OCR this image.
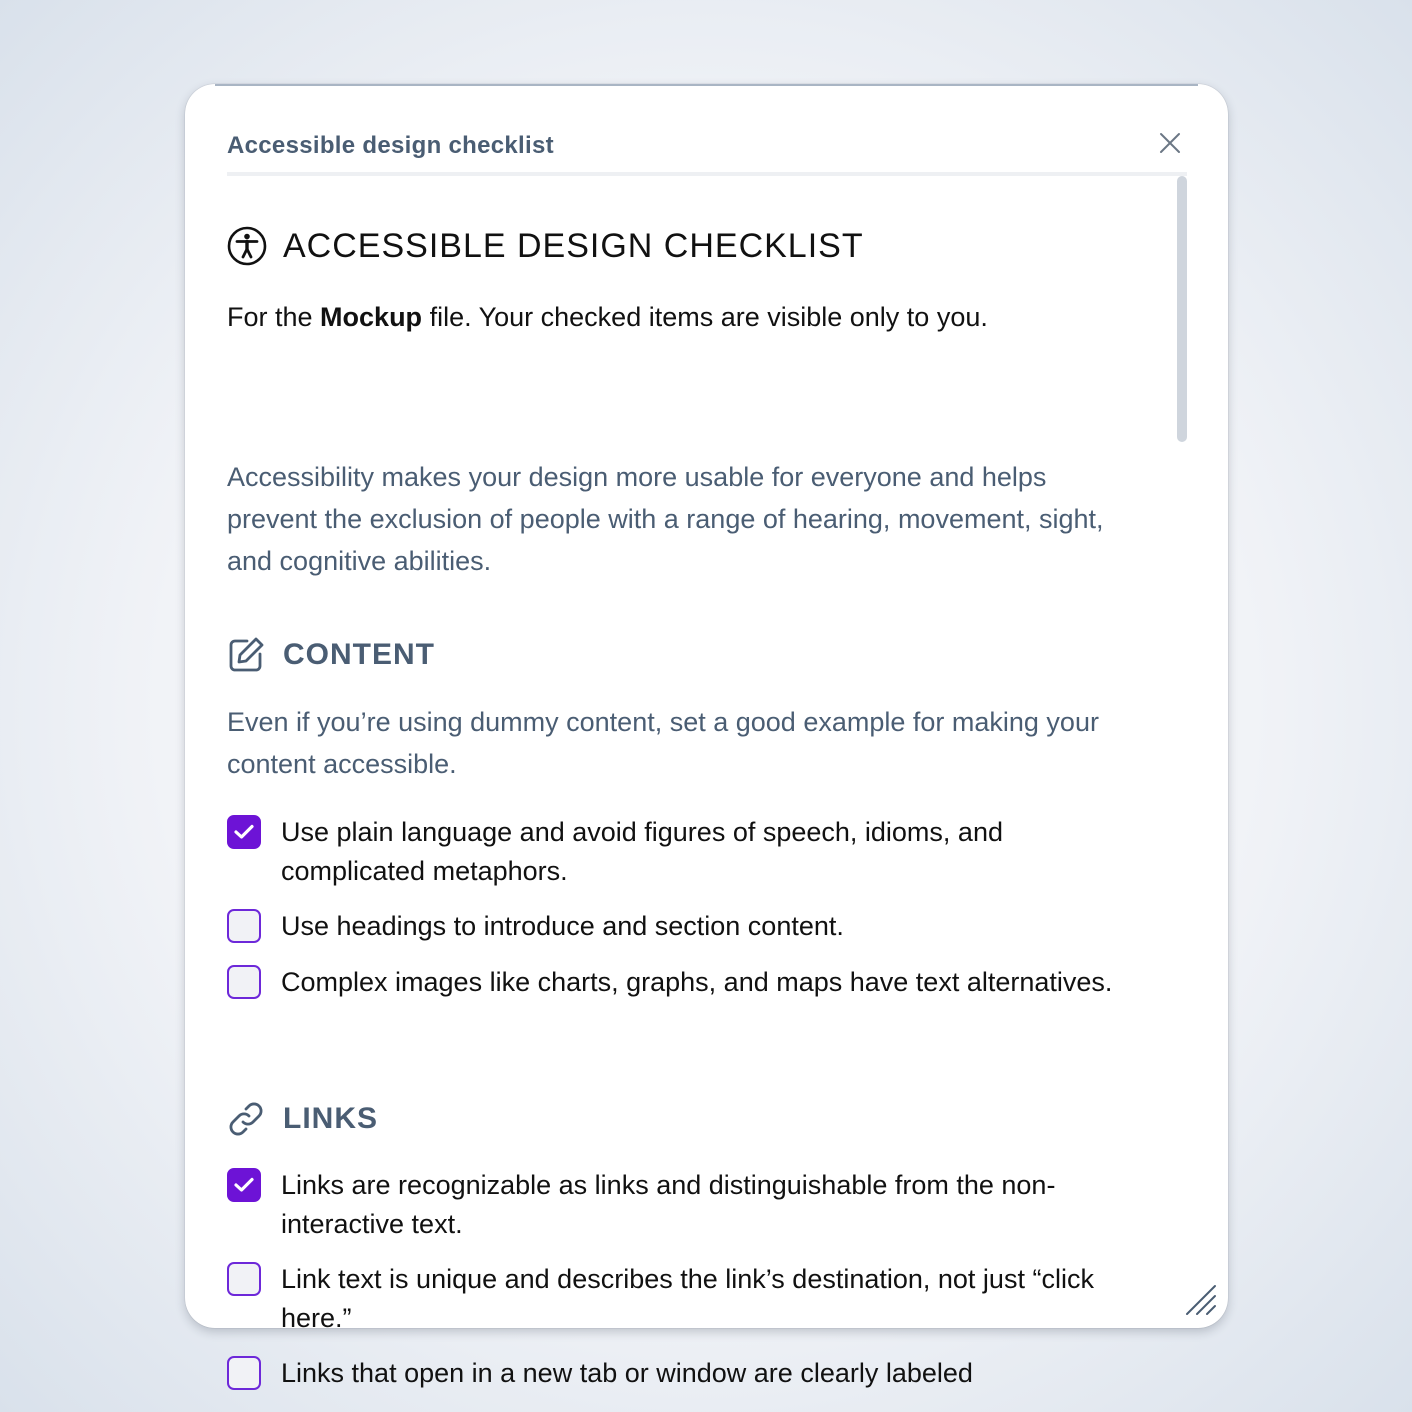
Accessible design checklist
ACCESSIBLE DESIGN CHECKLIST

For the Mockup file. Your checked items are visible only to you.

Accessibility makes your design more usable for everyone and helps prevent the exclusion of people with a range of hearing, movement, sight, and cognitive abilities.

CONTENT

Even if you’re using dummy content, set a good example for making your content accessible.

Use plain language and avoid figures of speech, idioms, and complicated metaphors.
Use headings to introduce and section content.
Complex images like charts, graphs, and maps have text alternatives.
LINKS
Links are recognizable as links and distinguishable from the non-interactive text.
Link text is unique and describes the link’s destination, not just “click here.”
Links that open in a new tab or window are clearly labeled
